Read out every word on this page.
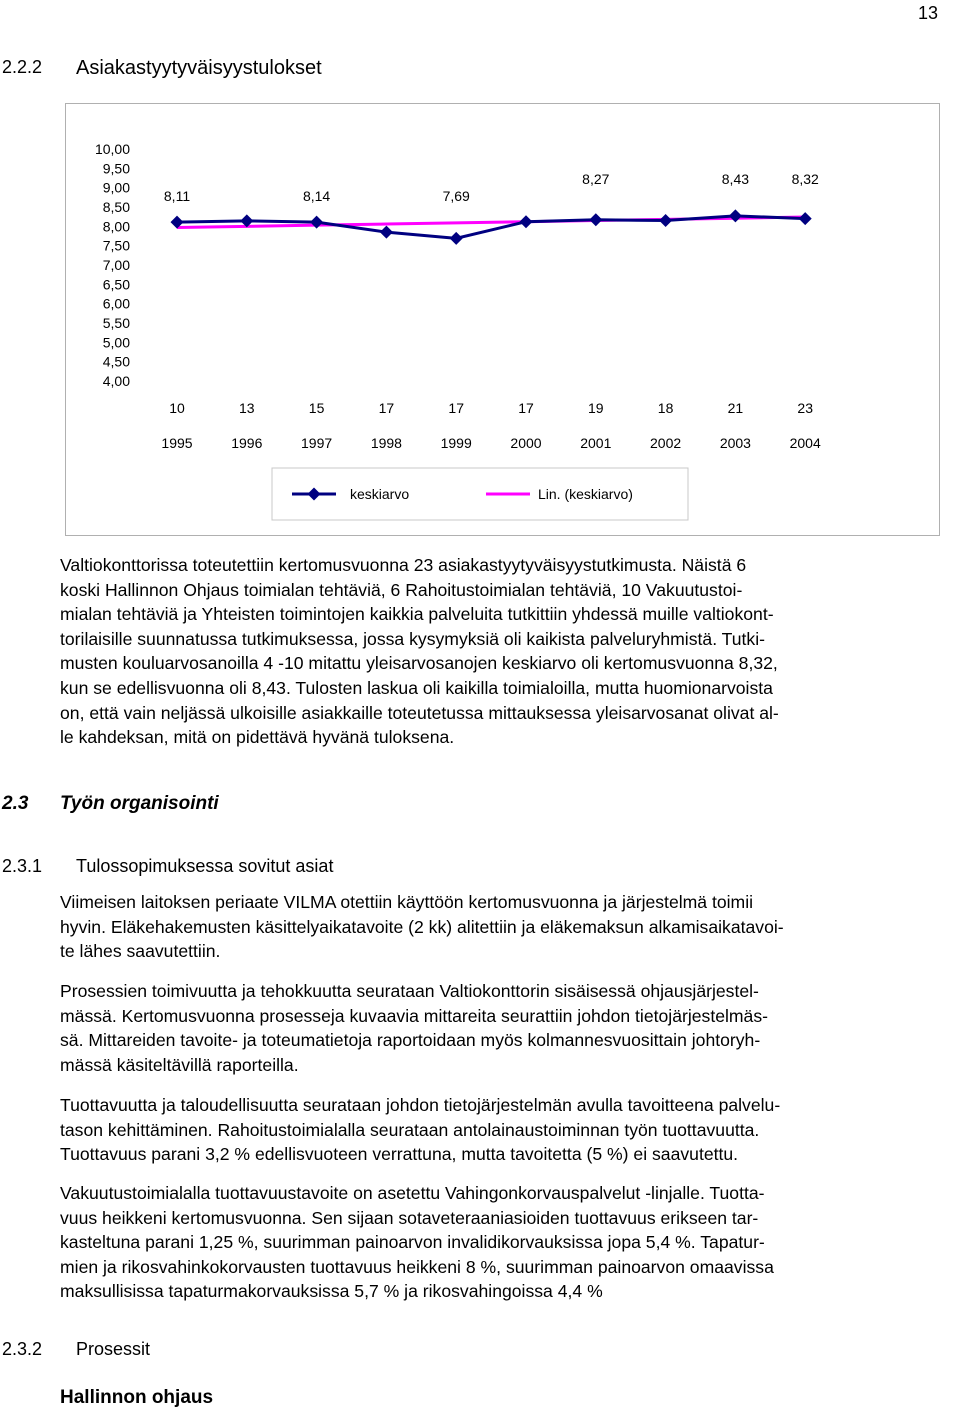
13
2.2.2 Asiakastyytyväisyystulokset
10,00
9,50
9,00
8,50
8,00
7,50
7,00
6,50
6,00
5,50
5,00
4,50
4,00
10	13	15	17	17	17	19	18	21	23
1995	1996	1997	1998	1999	2000	2001	2002	2003	2004
8,11	8,14	7,69
8,27	8,43	8,32
keskiarvo	Lin. (keskiarvo)
Valtiokonttorissa toteutettiin kertomusvuonna 23 asiakastyytyväisyystutkimusta. Näistä 6
koski Hallinnon Ohjaus toimialan tehtäviä, 6 Rahoitustoimialan tehtäviä, 10 Vakuutustoi-
mialan tehtäviä ja Yhteisten toimintojen kaikkia palveluita tutkittiin yhdessä muille valtiokont-
torilaisille suunnatussa tutkimuksessa, jossa kysymyksiä oli kaikista palveluryhmistä. Tutki-
musten kouluarvosanoilla 4 -10 mitattu yleisarvosanojen keskiarvo oli kertomusvuonna 8,32,
kun se edellisvuonna oli 8,43. Tulosten laskua oli kaikilla toimialoilla, mutta huomionarvoista
on, että vain neljässä ulkoisille asiakkaille toteutetussa mittauksessa yleisarvosanat olivat al-
le kahdeksan, mitä on pidettävä hyvänä tuloksena.
2.3 Työn organisointi
2.3.1 Tulossopimuksessa sovitut asiat
Viimeisen laitoksen periaate VILMA otettiin käyttöön kertomusvuonna ja järjestelmä toimii
hyvin. Eläkehakemusten käsittelyaikatavoite (2 kk) alitettiin ja eläkemaksun alkamisaikatavoi-
te lähes saavutettiin.
Prosessien toimivuutta ja tehokkuutta seurataan Valtiokonttorin sisäisessä ohjausjärjestel-
mässä. Kertomusvuonna prosesseja kuvaavia mittareita seurattiin johdon tietojärjestelmäs-
sä. Mittareiden tavoite- ja toteumatietoja raportoidaan myös kolmannesvuosittain johtoryh-
mässä käsiteltävillä raporteilla.
Tuottavuutta ja taloudellisuutta seurataan johdon tietojärjestelmän avulla tavoitteena palvelu-
tason kehittäminen. Rahoitustoimialalla seurataan antolainaustoiminnan työn tuottavuutta.
Tuottavuus parani 3,2 % edellisvuoteen verrattuna, mutta tavoitetta (5 %) ei saavutettu.
Vakuutustoimialalla tuottavuustavoite on asetettu Vahingonkorvauspalvelut -linjalle. Tuotta-
vuus heikkeni kertomusvuonna. Sen sijaan sotaveteraaniasioiden tuottavuus erikseen tar-
kasteltuna parani 1,25 %, suurimman painoarvon invalidikorvauksissa jopa 5,4 %. Tapatur-
mien ja rikosvahinkokorvausten tuottavuus heikkeni 8 %, suurimman painoarvon omaavissa
maksullisissa tapaturmakorvauksissa 5,7 % ja rikosvahingoissa 4,4 %
2.3.2 Prosessit
Hallinnon ohjaus
